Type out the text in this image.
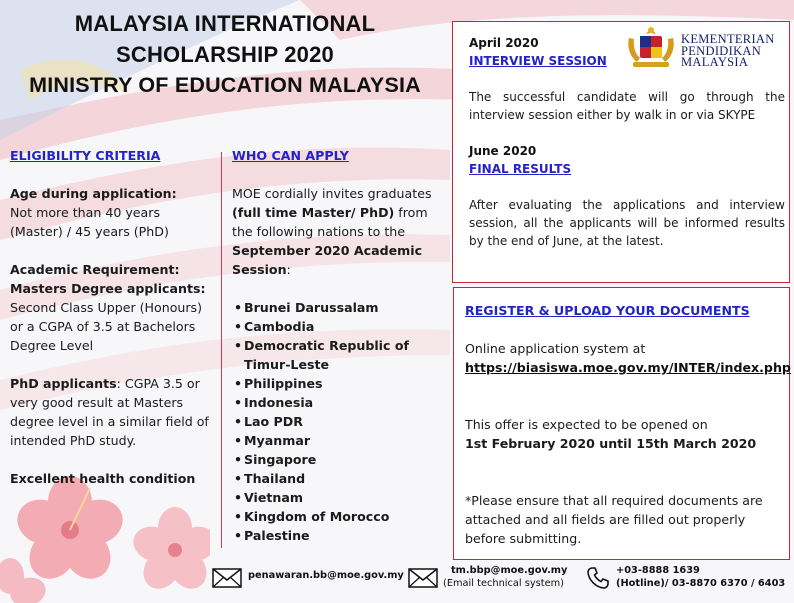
MALAYSIA INTERNATIONAL
SCHOLARSHIP 2020
MINISTRY OF EDUCATION MALAYSIA
ELIGIBILITY CRITERIA
Age during application:
Not more than 40 years (Master) / 45 years (PhD)
Academic Requirement:
Masters Degree applicants:
Second Class Upper (Honours) or a CGPA of 3.5 at Bachelors Degree Level
PhD applicants: CGPA 3.5 or very good result at Masters degree level in a similar field of intended PhD study.
Excellent health condition
WHO CAN APPLY
MOE cordially invites graduates (full time Master/ PhD) from the following nations to the September 2020 Academic Session:
• Brunei Darussalam
• Cambodia
• Democratic Republic of Timur-Leste
• Philippines
• Indonesia
• Lao PDR
• Myanmar
• Singapore
• Thailand
• Vietnam
• Kingdom of Morocco
• Palestine
KEMENTERIAN
PENDIDIKAN
MALAYSIA
April 2020
INTERVIEW SESSION
The successful candidate will go through the interview session either by walk in or via SKYPE
June 2020
FINAL RESULTS
After evaluating the applications and interview session, all the applicants will be informed results by the end of June, at the latest.
REGISTER & UPLOAD YOUR DOCUMENTS
Online application system at
https://biasiswa.moe.gov.my/INTER/index.php
This offer is expected to be opened on
1st February 2020 until 15th March 2020
*Please ensure that all required documents are attached and all fields are filled out properly before submitting.
penawaran.bb@moe.gov.my	tm.bbp@moe.gov.my
(Email technical system)
+03-8888 1639
(Hotline)/ 03-8870 6370 / 6403
